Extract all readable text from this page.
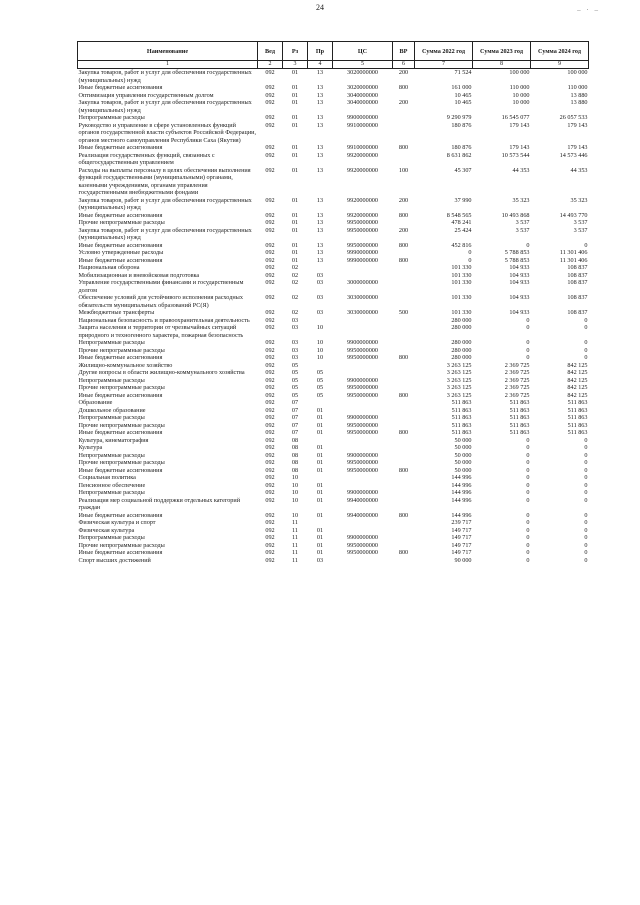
24	– · –
Наименование	Вед	Рз	Пр	ЦС	ВР	Сумма 2022 год	Сумма 2023 год	Сумма 2024 год
1	2	3	4	5	6	7	8	9
Закупка товаров, работ и услуг для обеспечения государственных (муниципальных) нужд	092	01	13	3020000000	200	71 524	100 000	100 000
Иные бюджетные ассигнования	092	01	13	3020000000	800	161 000	110 000	110 000
Оптимизация управления государственным долгом	092	01	13	3040000000		10 465	10 000	13 880
Закупка товаров, работ и услуг для обеспечения государственных (муниципальных) нужд	092	01	13	3040000000	200	10 465	10 000	13 880
Непрограммные расходы	092	01	13	9900000000		9 290 979	16 545 077	26 057 533
Руководство и управление в сфере установленных функций органов государственной власти субъектов Российской Федерации, органов местного самоуправления Республики Саха (Якутия)	092	01	13	9910000000		180 876	179 143	179 143
Иные бюджетные ассигнования	092	01	13	9910000000	800	180 876	179 143	179 143
Реализация государственных функций, связанных с общегосударственным управлением	092	01	13	9920000000		8 631 862	10 573 544	14 573 446
Расходы на выплаты персоналу в целях обеспечения выполнения функций государственными (муниципальными) органами, казенными учреждениями, органами управления государственными внебюджетными фондами	092	01	13	9920000000	100	45 307	44 353	44 353
Закупка товаров, работ и услуг для обеспечения государственных (муниципальных) нужд	092	01	13	9920000000	200	37 990	35 323	35 323
Иные бюджетные ассигнования	092	01	13	9920000000	800	8 548 565	10 493 868	14 493 770
Прочие непрограммные расходы	092	01	13	9950000000		478 241	3 537	3 537
Закупка товаров, работ и услуг для обеспечения государственных (муниципальных) нужд	092	01	13	9950000000	200	25 424	3 537	3 537
Иные бюджетные ассигнования	092	01	13	9950000000	800	452 816	0	0
Условно утвержденные расходы	092	01	13	9990000000		0	5 788 853	11 301 406
Иные бюджетные ассигнования	092	01	13	9990000000	800	0	5 788 853	11 301 406
Национальная оборона	092	02				101 330	104 933	108 837
Мобилизационная и вневойсковая подготовка	092	02	03			101 330	104 933	108 837
Управление государственными финансами и государственным долгом	092	02	03	3000000000		101 330	104 933	108 837
Обеспечение условий для устойчивого исполнения расходных обязательств муниципальных образований РС(Я)	092	02	03	3030000000		101 330	104 933	108 837
Межбюджетные трансферты	092	02	03	3030000000	500	101 330	104 933	108 837
Национальная безопасность и правоохранительная деятельность	092	03				280 000	0	0
Защита населения и территории от чрезвычайных ситуаций природного и техногенного характера, пожарная безопасность	092	03	10			280 000	0	0
Непрограммные расходы	092	03	10	9900000000		280 000	0	0
Прочие непрограммные расходы	092	03	10	9950000000		280 000	0	0
Иные бюджетные ассигнования	092	03	10	9950000000	800	280 000	0	0
Жилищно-коммунальное хозяйство	092	05				3 263 125	2 369 725	842 125
Другие вопросы в области жилищно-коммунального хозяйства	092	05	05			3 263 125	2 369 725	842 125
Непрограммные расходы	092	05	05	9900000000		3 263 125	2 369 725	842 125
Прочие непрограммные расходы	092	05	05	9950000000		3 263 125	2 369 725	842 125
Иные бюджетные ассигнования	092	05	05	9950000000	800	3 263 125	2 369 725	842 125
Образование	092	07				511 863	511 863	511 863
Дошкольное образование	092	07	01			511 863	511 863	511 863
Непрограммные расходы	092	07	01	9900000000		511 863	511 863	511 863
Прочие непрограммные расходы	092	07	01	9950000000		511 863	511 863	511 863
Иные бюджетные ассигнования	092	07	01	9950000000	800	511 863	511 863	511 863
Культура, кинематография	092	08				50 000	0	0
Культура	092	08	01			50 000	0	0
Непрограммные расходы	092	08	01	9900000000		50 000	0	0
Прочие непрограммные расходы	092	08	01	9950000000		50 000	0	0
Иные бюджетные ассигнования	092	08	01	9950000000	800	50 000	0	0
Социальная политика	092	10				144 996	0	0
Пенсионное обеспечение	092	10	01			144 996	0	0
Непрограммные расходы	092	10	01	9900000000		144 996	0	0
Реализация мер социальной поддержки отдельных категорий граждан	092	10	01	9940000000		144 996	0	0
Иные бюджетные ассигнования	092	10	01	9940000000	800	144 996	0	0
Физическая культура и спорт	092	11				239 717	0	0
Физическая культура	092	11	01			149 717	0	0
Непрограммные расходы	092	11	01	9900000000		149 717	0	0
Прочие непрограммные расходы	092	11	01	9950000000		149 717	0	0
Иные бюджетные ассигнования	092	11	01	9950000000	800	149 717	0	0
Спорт высших достижений	092	11	03			90 000	0	0
